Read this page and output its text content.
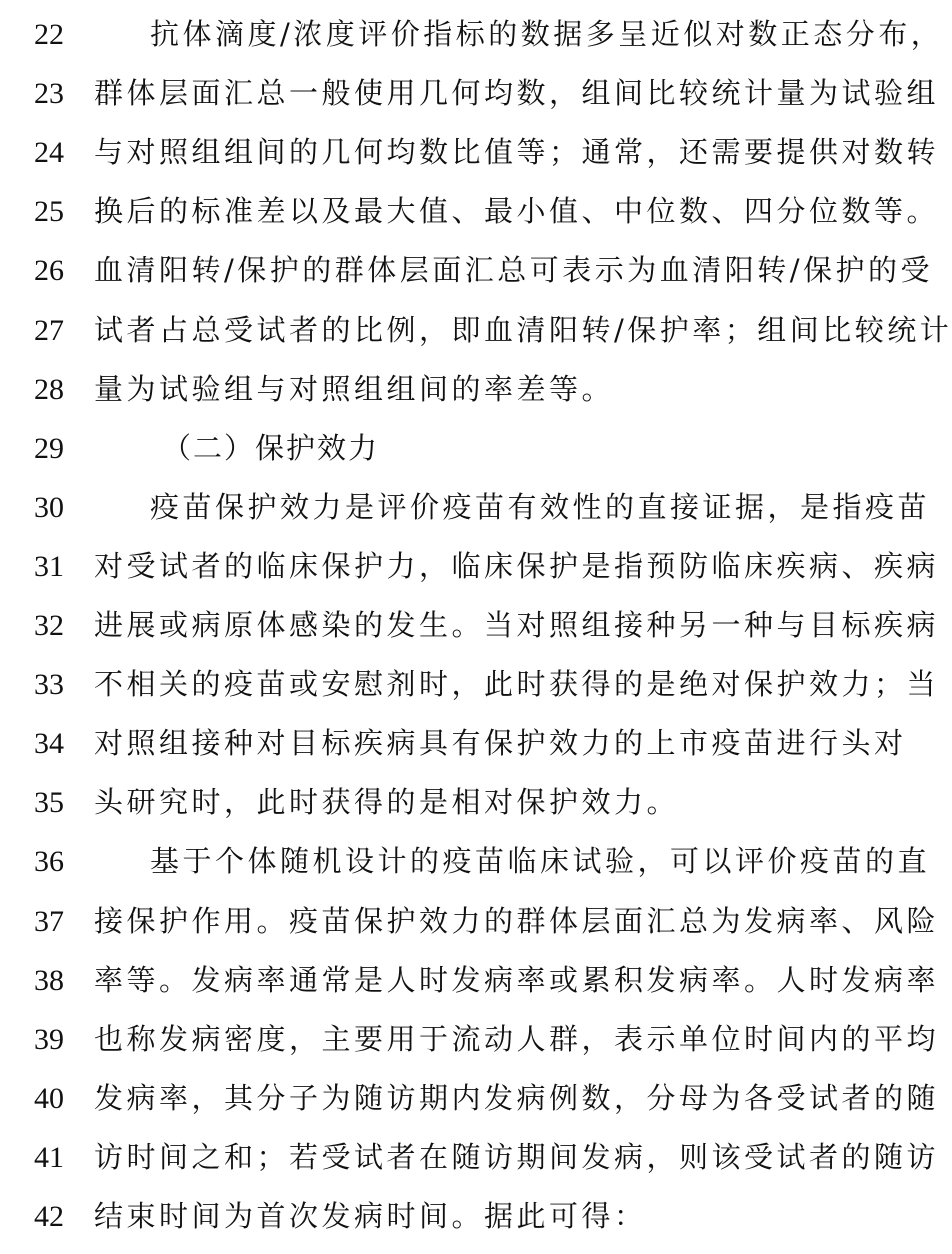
22	抗体滴度/浓度评价指标的数据多呈近似对数正态分布，
23	群体层面汇总一般使用几何均数，组间比较统计量为试验组
24	与对照组组间的几何均数比值等；通常，还需要提供对数转
25	换后的标准差以及最大值、最小值、中位数、四分位数等。
26	血清阳转/保护的群体层面汇总可表示为血清阳转/保护的受
27	试者占总受试者的比例，即血清阳转/保护率；组间比较统计
28	量为试验组与对照组组间的率差等。
29	（二）保护效力
30	疫苗保护效力是评价疫苗有效性的直接证据，是指疫苗
31	对受试者的临床保护力，临床保护是指预防临床疾病、疾病
32	进展或病原体感染的发生。当对照组接种另一种与目标疾病
33	不相关的疫苗或安慰剂时，此时获得的是绝对保护效力；当
34	对照组接种对目标疾病具有保护效力的上市疫苗进行头对
35	头研究时，此时获得的是相对保护效力。
36	基于个体随机设计的疫苗临床试验，可以评价疫苗的直
37	接保护作用。疫苗保护效力的群体层面汇总为发病率、风险
38	率等。发病率通常是人时发病率或累积发病率。人时发病率
39	也称发病密度，主要用于流动人群，表示单位时间内的平均
40	发病率，其分子为随访期内发病例数，分母为各受试者的随
41	访时间之和；若受试者在随访期间发病，则该受试者的随访
42	结束时间为首次发病时间。据此可得：
